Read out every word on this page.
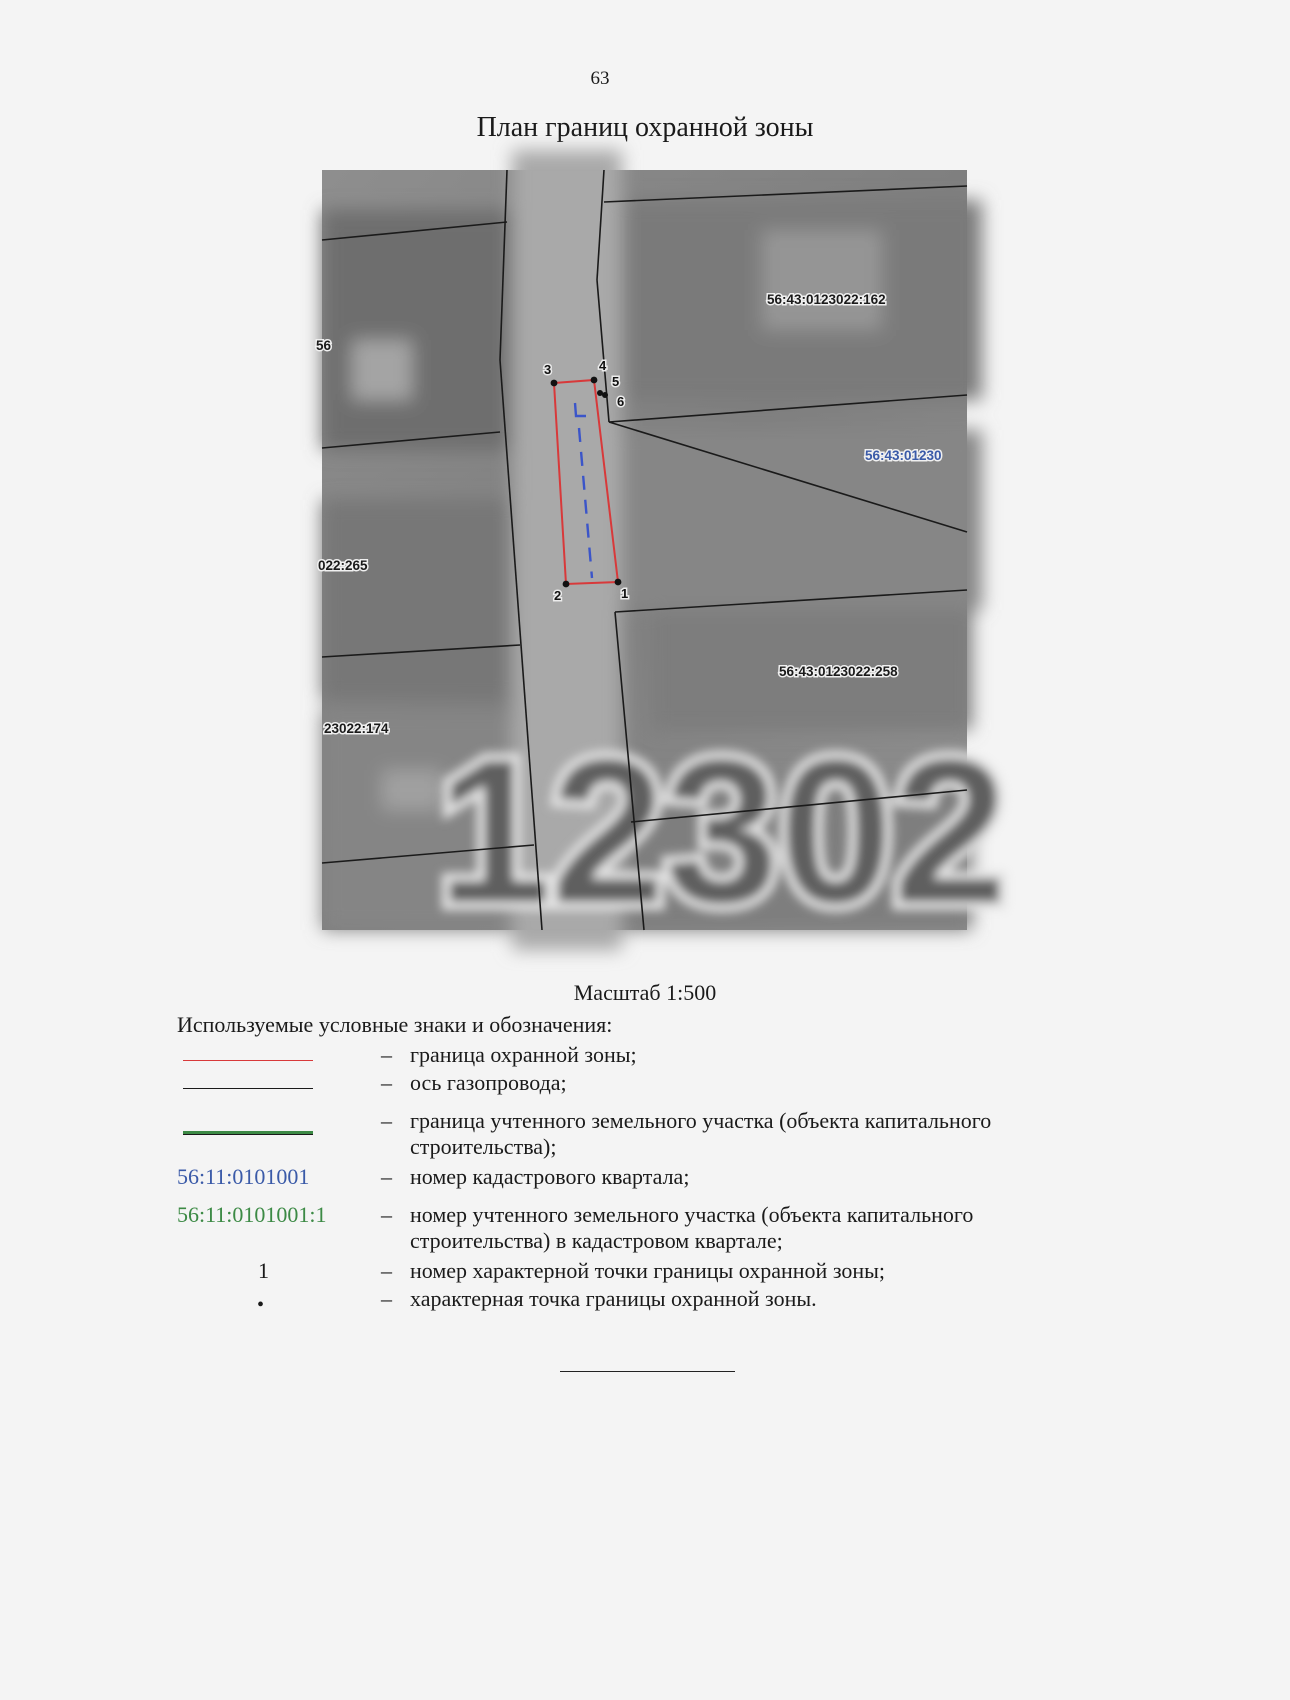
63
План границ охранной зоны
12302
1
2
3	4
5
6
56:43:0123022:162
56:43:01230
56:43:0123022:258
56
022:265
23022:174
Масштаб 1:500
Используемые условные знаки и обозначения:
– граница охранной зоны;
– ось газопровода;
– граница учтенного земельного участка (объекта капитального строительства);
56:11:0101001	– номер кадастрового квартала;
56:11:0101001:1 – номер учтенного земельного участка (объекта капитального строительства) в кадастровом квартале;
1	– номер характерной точки границы охранной зоны;
•	– характерная точка границы охранной зоны.
